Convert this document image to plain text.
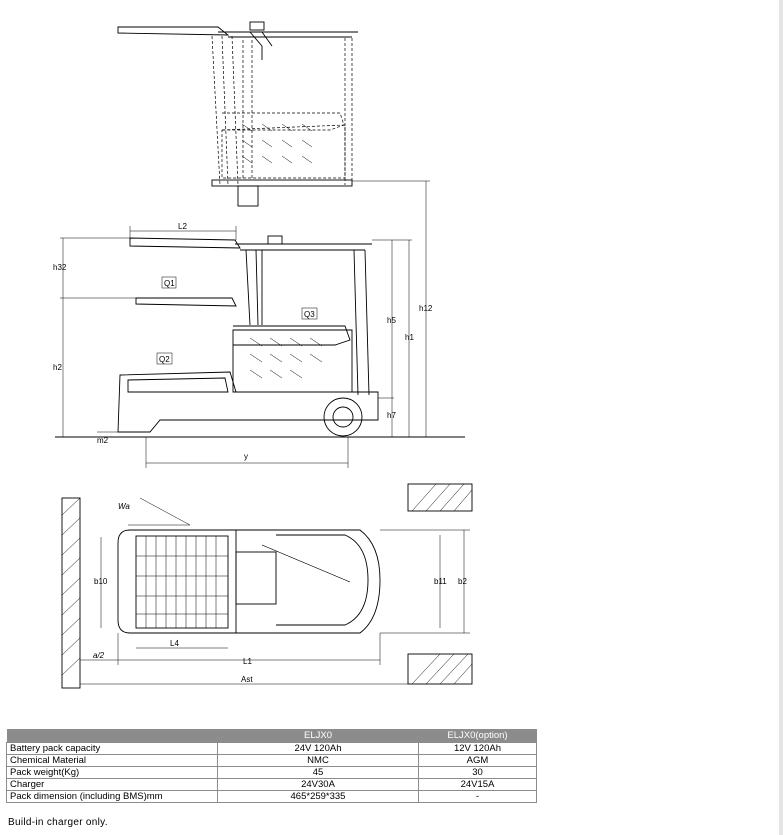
L2
h32
Q1
Q2
Q3
h2
h5
h12
h1
h7
m2
y
Wa
b10	b11 b2
L4
a/2
L1
Ast
	ELJX0	ELJX0(option)
Battery pack capacity	24V 120Ah	12V 120Ah
Chemical Material	NMC	AGM
Pack weight(Kg)	45	30
Charger	24V30A	24V15A
Pack dimension (including BMS)mm	465*259*335	-
Build-in charger only.
